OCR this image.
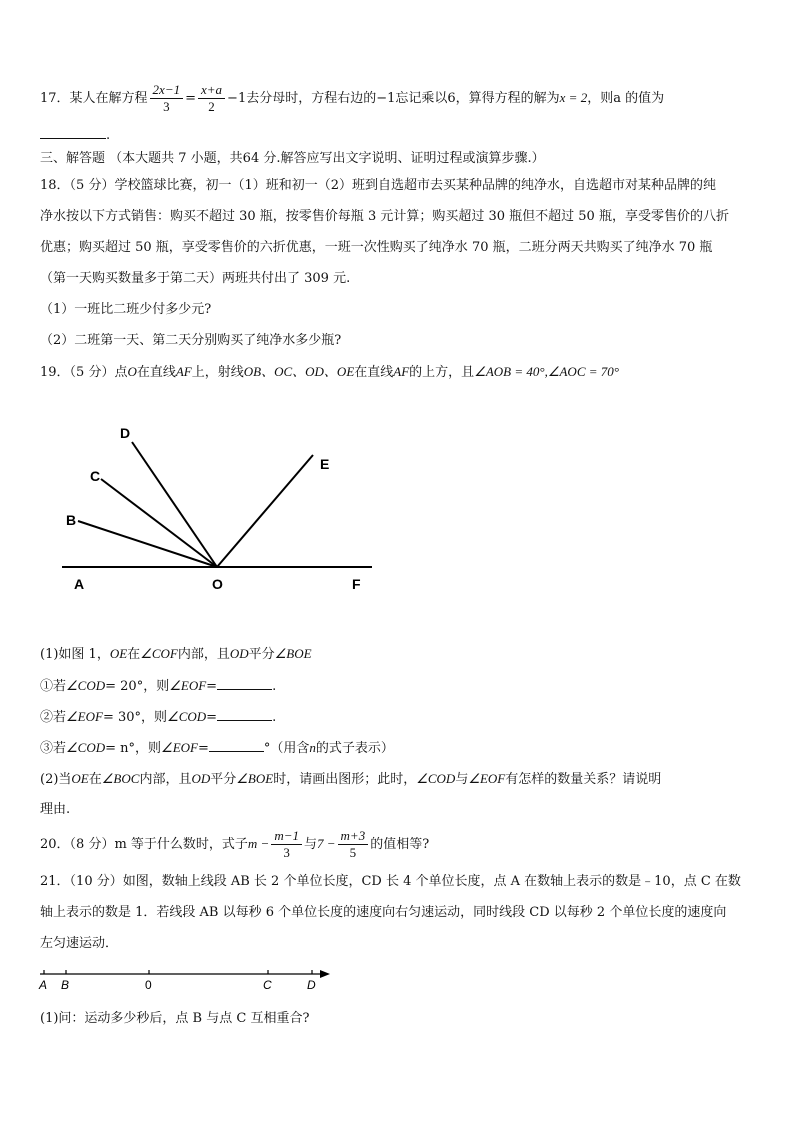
17．某人在解方程 $\frac{2x-1}{3} = \frac{x+a}{2} -1$去分母时，方程右边的−1忘记乘以6，算得方程的解为x = 2，则a 的值为
.
三、解答题 （本大题共 7 小题，共64 分.解答应写出文字说明、证明过程或演算步骤.）
18．（5 分）学校篮球比赛，初一（1）班和初一（2）班到自选超市去买某种品牌的纯净水，自选超市对某种品牌的纯
净水按以下方式销售：购买不超过 30 瓶，按零售价每瓶 3 元计算；购买超过 30 瓶但不超过 50 瓶，享受零售价的八折
优惠；购买超过 50 瓶，享受零售价的六折优惠，一班一次性购买了纯净水 70 瓶，二班分两天共购买了纯净水 70 瓶
（第一天购买数量多于第二天）两班共付出了 309 元.
（1）一班比二班少付多少元?
（2）二班第一天、第二天分别购买了纯净水多少瓶?
19．（5 分）点O在直线AF上，射线OB、OC、OD、OE在直线AF的上方，且∠AOB = 40°,∠AOC = 70°
A	O	F
B
C
D
E
(1)如图 1，OE在∠COF内部，且OD平分∠BOE
①若∠COD= 20°，则∠EOF=	.
②若∠EOF= 30°，则∠COD=	.
③若∠COD= n°，则∠EOF=	°（用含n的式子表示）
(2)当OE在∠BOC内部，且OD平分∠BOE时，请画出图形；此时，∠COD与∠EOF有怎样的数量关系？请说明
理由.
20．（8 分）m 等于什么数时，式子$m - \frac{m-1}{3}$ 与$7 - \frac{m+3}{5}$ 的值相等?
21．（10 分）如图，数轴上线段 AB 长 2 个单位长度，CD 长 4 个单位长度，点 A 在数轴上表示的数是﹣10，点 C 在数
轴上表示的数是 1．若线段 AB 以每秒 6 个单位长度的速度向右匀速运动，同时线段 CD 以每秒 2 个单位长度的速度向
左匀速运动．
A B	0	C	D
(1)问：运动多少秒后，点 B 与点 C 互相重合?
